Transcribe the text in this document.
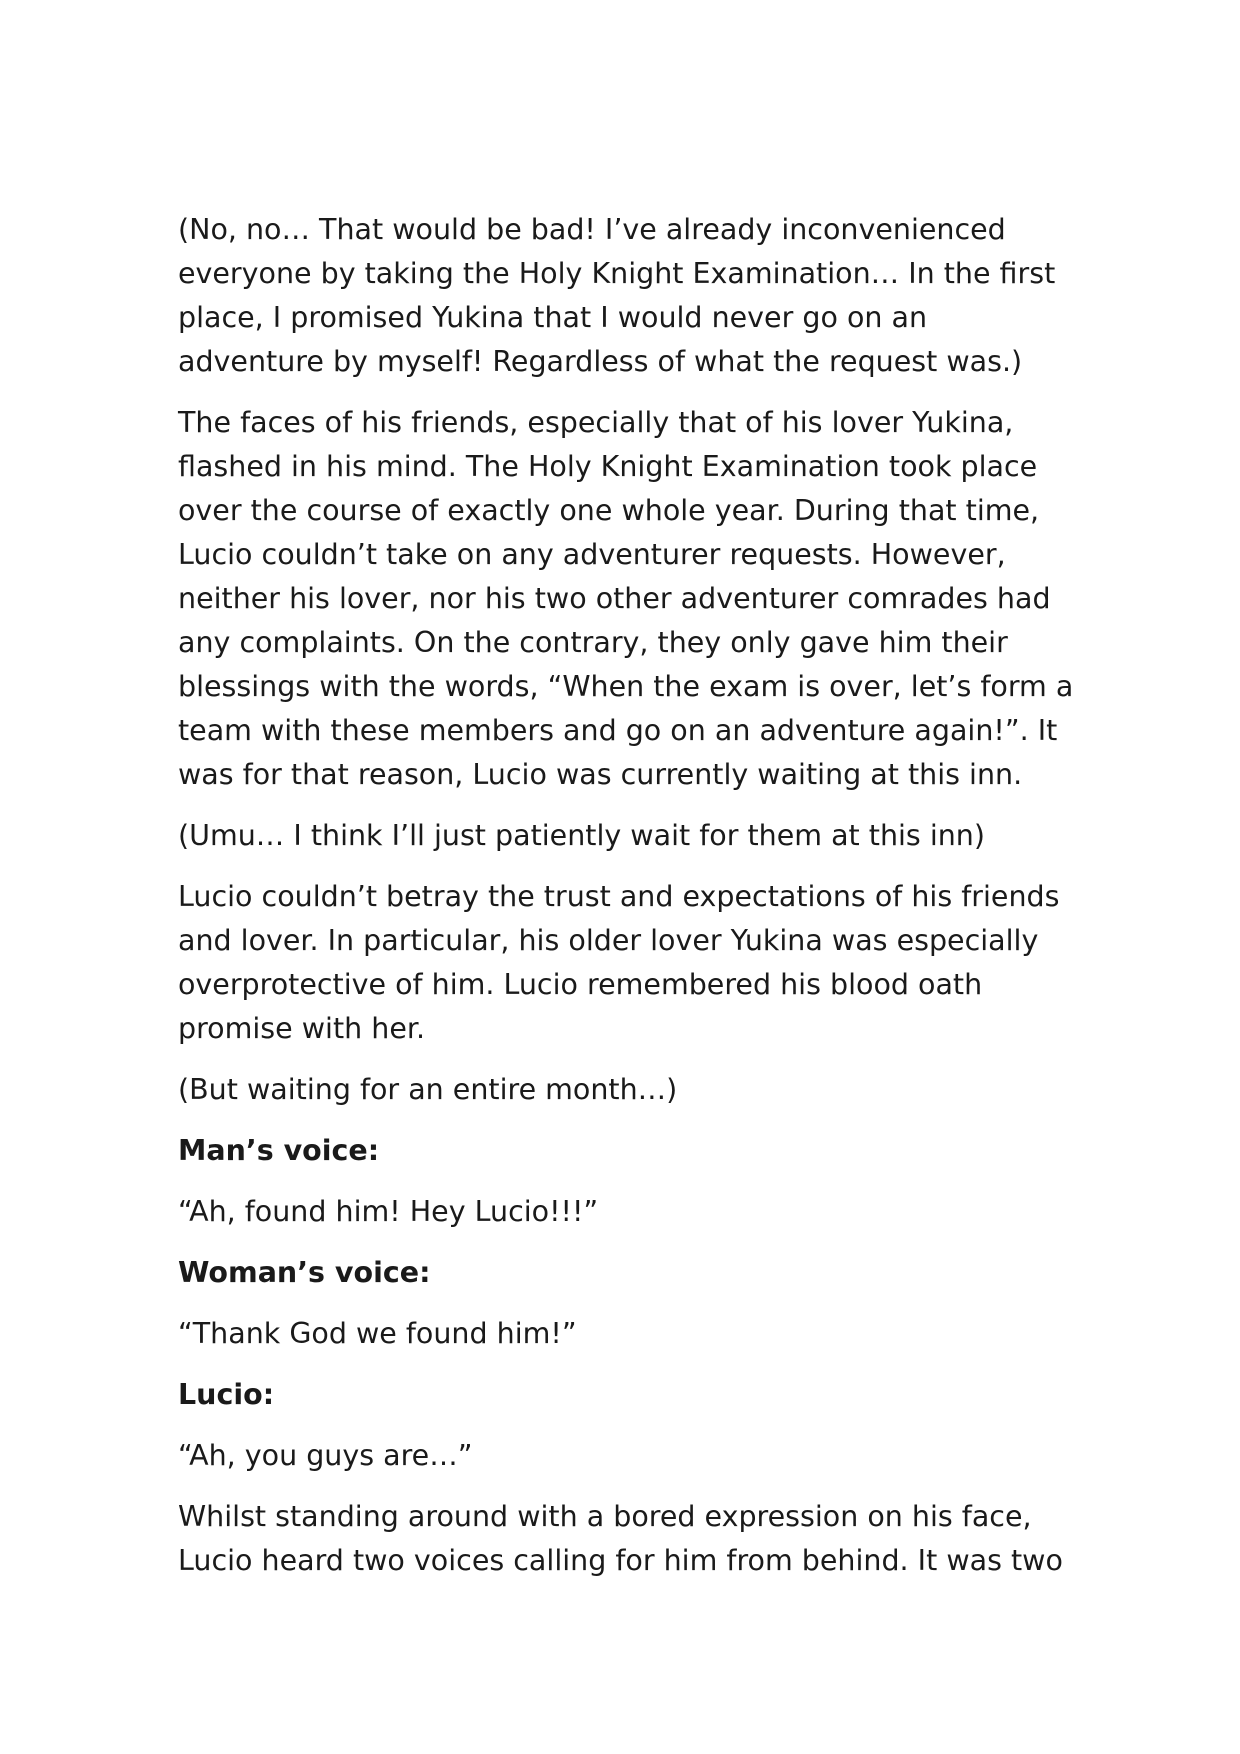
(No, no… That would be bad! I’ve already inconvenienced everyone by taking the Holy Knight Examination… In the first place, I promised Yukina that I would never go on an adventure by myself! Regardless of what the request was.)

The faces of his friends, especially that of his lover Yukina, flashed in his mind. The Holy Knight Examination took place over the course of exactly one whole year. During that time, Lucio couldn’t take on any adventurer requests. However, neither his lover, nor his two other adventurer comrades had any complaints. On the contrary, they only gave him their blessings with the words, “When the exam is over, let’s form a team with these members and go on an adventure again!”. It was for that reason, Lucio was currently waiting at this inn.

(Umu… I think I’ll just patiently wait for them at this inn)

Lucio couldn’t betray the trust and expectations of his friends and lover. In particular, his older lover Yukina was especially overprotective of him. Lucio remembered his blood oath promise with her.

(But waiting for an entire month…)

Man’s voice:

“Ah, found him! Hey Lucio!!!”

Woman’s voice:

“Thank God we found him!”

Lucio:

“Ah, you guys are…”

Whilst standing around with a bored expression on his face, Lucio heard two voices calling for him from behind. It was two
